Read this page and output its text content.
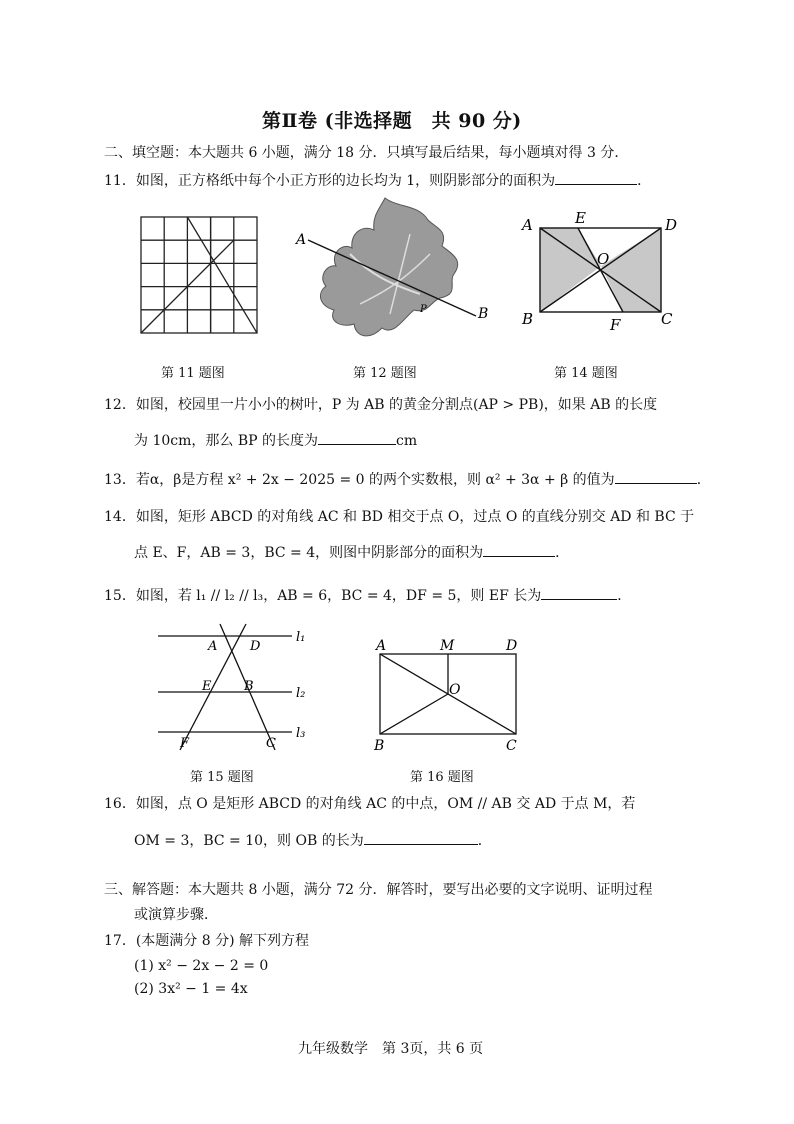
第Ⅱ卷 (非选择题　共 90 分)
二、填空题：本大题共 6 小题，满分 18 分．只填写最后结果，每小题填对得 3 分．
11．如图，正方格纸中每个小正方形的边长均为 1，则阴影部分的面积为	．
第 11 题图
A
B
P
第 12 题图
A	E	D
O
B	F	C
第 14 题图
12．如图，校园里一片小小的树叶，P 为 AB 的黄金分割点(AP > PB)，如果 AB 的长度
为 10cm，那么 BP 的长度为	cm
13．若α，β是方程 x² + 2x − 2025 = 0 的两个实数根，则 α² + 3α + β 的值为	．
14．如图，矩形 ABCD 的对角线 AC 和 BD 相交于点 O，过点 O 的直线分别交 AD 和 BC 于
点 E、F，AB = 3，BC = 4，则图中阴影部分的面积为	．
15．如图，若 l₁ // l₂ // l₃，AB = 6，BC = 4，DF = 5，则 EF 长为	．
l₁
l₂
l₃
A	D
E	B
F	C
第 15 题图
A	M	D
O
B	C
第 16 题图
16．如图，点 O 是矩形 ABCD 的对角线 AC 的中点，OM // AB 交 AD 于点 M，若
OM = 3，BC = 10，则 OB 的长为	．
三、解答题：本大题共 8 小题，满分 72 分．解答时，要写出必要的文字说明、证明过程
或演算步骤．
17．(本题满分 8 分) 解下列方程
(1) x² − 2x − 2 = 0
(2) 3x² − 1 = 4x
九年级数学　第 3页，共 6 页
